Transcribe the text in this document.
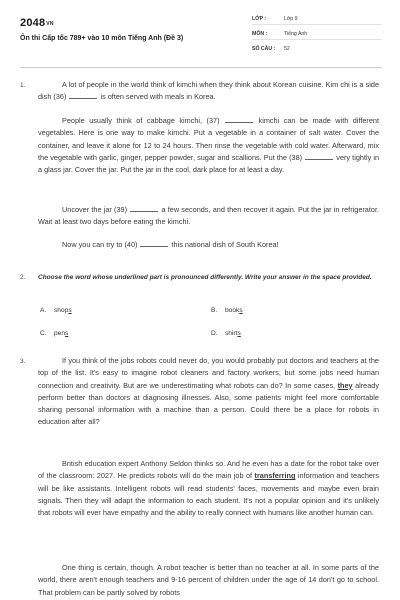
$2048^{VN}$
Ôn thi Cấp tốc 789+ vào 10 môn Tiếng Anh (Đề 3)
LỚP :	Lớp 9
MÔN :	Tiếng Anh
SỐ CÂU : 52
1.	A lot of people in the world think of kimchi when they think about Korean cuisine. Kim chi is a side dish (36)	is often served with meals in Korea.
People usually think of cabbage kimchi, (37)	kimchi can be made with different vegetables. Here is one way to make kimchi. Put a vegetable in a container of salt water. Cover the container, and leave it alone for 12 to 24 hours. Then rinse the vegetable with cold water. Afterward, mix the vegetable with garlic, ginger, pepper powder, sugar and scallions. Put the (38)	very tightly in a glass jar. Cover the jar. Put the jar in the cool, dark place for at least a day.
Uncover the jar (39)	a few seconds, and then recover it again. Put the jar in refrigerator. Wait at least two days before eating the kimchi.
Now you can try to (40)	this national dish of South Korea!
2. Choose the word whose underlined part is pronounced differently. Write your answer in the space provided.
A. shops	B. books
C. pens	D. shirts
3.	If you think of the jobs robots could never do, you would probably put doctors and teachers at the top of the list. It's easy to imagine robot cleaners and factory workers, but some jobs need human connection and creativity. But are we underestimating what robots can do? In some cases, they already perform better than doctors at diagnosing illnesses. Also, some patients might feel more comfortable sharing personal information with a machine than a person. Could there be a place for robots in education after all?
British education expert Anthony Seldon thinks so. And he even has a date for the robot take over of the classroom: 2027. He predicts robots will do the main job of transferring information and teachers will be like assistants. Intelligent robots will read students' faces, movements and maybe even brain signals. Then they will adapt the information to each student. It's not a popular opinion and it's unlikely that robots will ever have empathy and the ability to really connect with humans like another human can.
One thing is certain, though. A robot teacher is better than no teacher at all. In some parts of the world, there aren't enough teachers and 9-16 percent of children under the age of 14 don't go to school. That problem can be partly solved by robots
